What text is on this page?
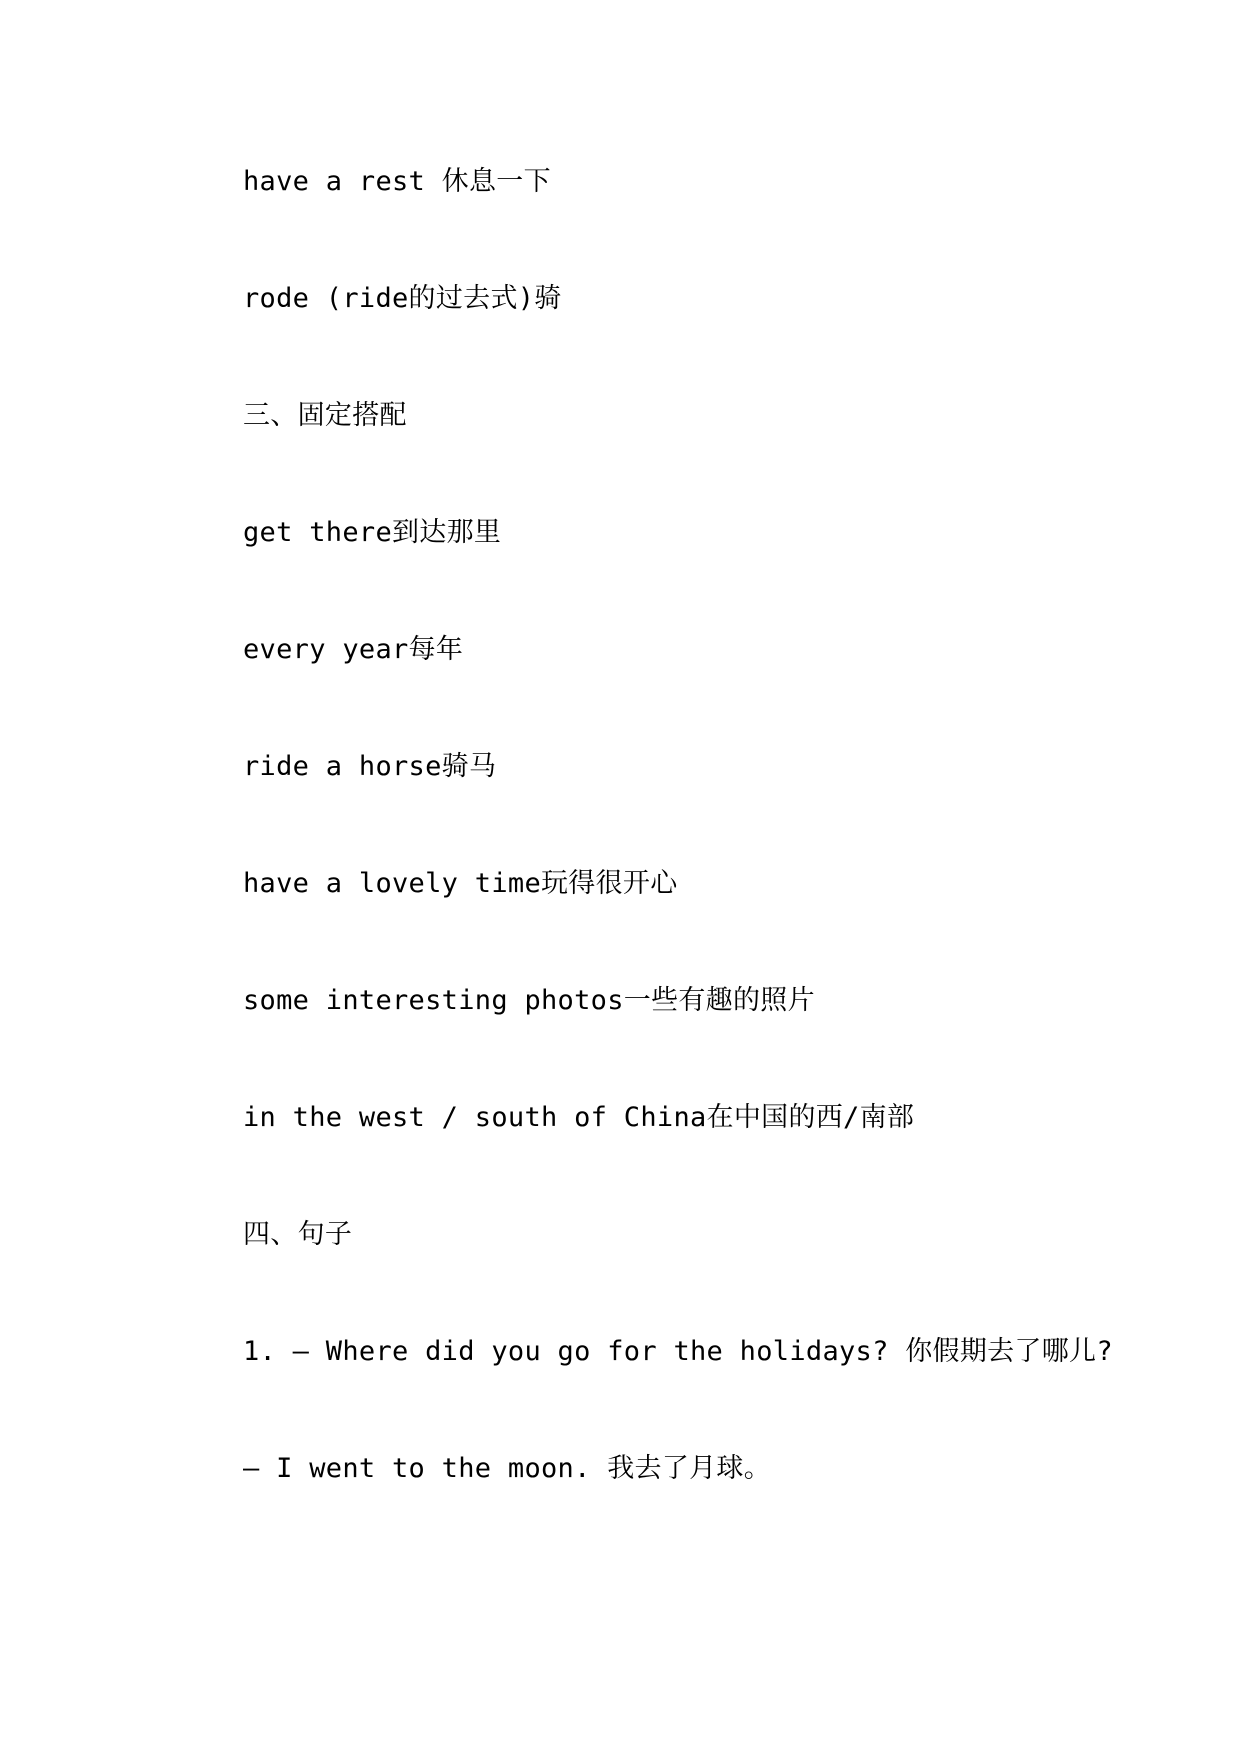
have a rest 休息一下

rode (ride的过去式)骑

三、固定搭配

get there到达那里

every year每年

ride a horse骑马

have a lovely time玩得很开心

some interesting photos一些有趣的照片

in the west / south of China在中国的西/南部

四、句子

1. — Where did you go for the holidays? 你假期去了哪儿?

— I went to the moon. 我去了月球。
